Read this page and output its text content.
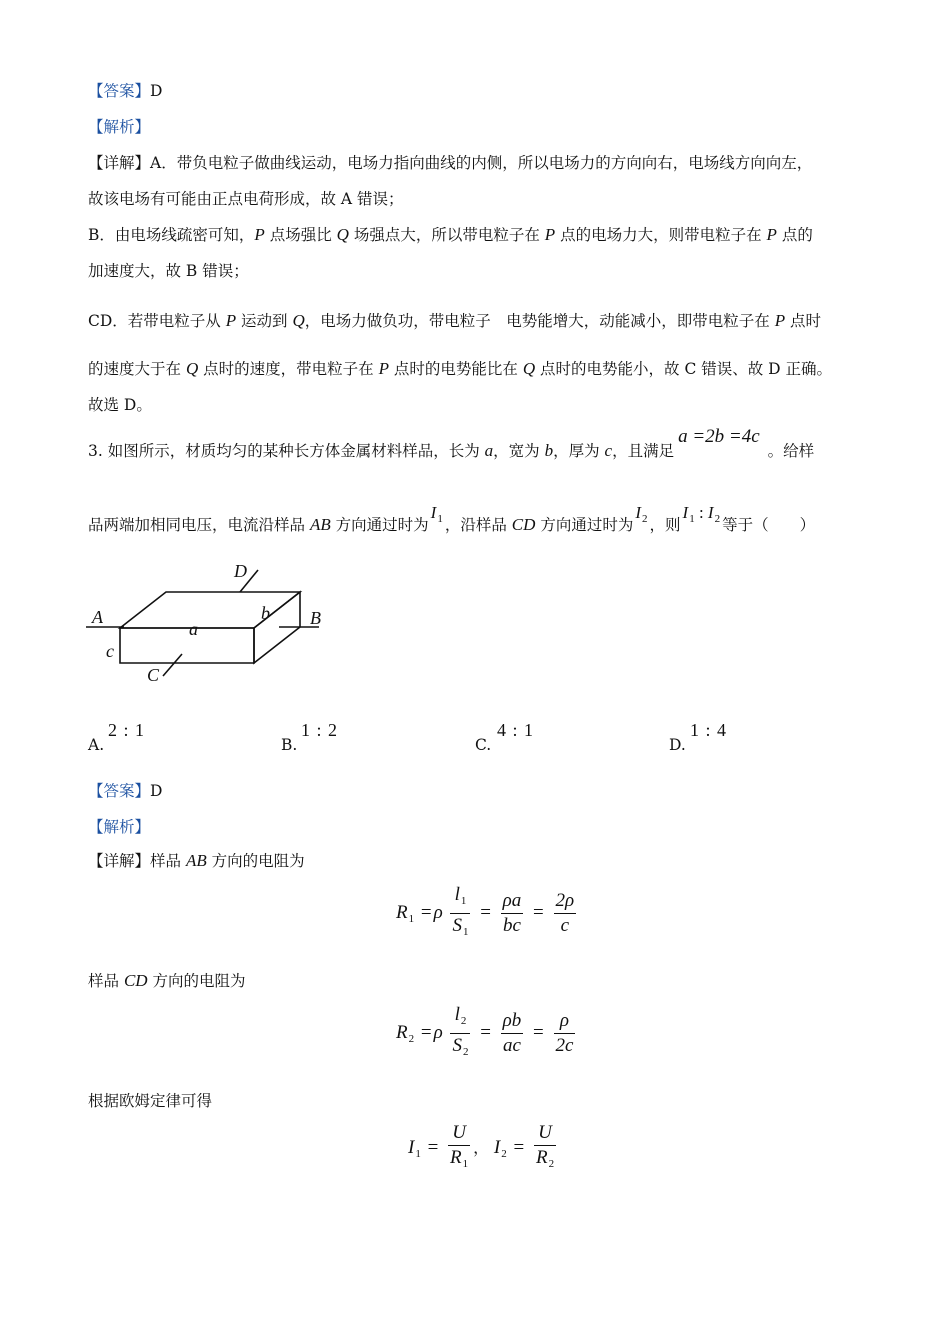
【答案】D
【解析】
【详解】A．带负电粒子做曲线运动，电场力指向曲线的内侧，所以电场力的方向向右，电场线方向向左，
故该电场有可能由正点电荷形成，故 A 错误；
B．由电场线疏密可知，P 点场强比 Q 场强点大，所以带电粒子在 P 点的电场力大，则带电粒子在 P 点的
加速度大，故 B 错误；
CD．若带电粒子从 P 运动到 Q，电场力做负功，带电粒子　电势能增大，动能减小，即带电粒子在 P 点时
的速度大于在 Q 点时的速度，带电粒子在 P 点时的电势能比在 Q 点时的电势能小，故 C 错误、故 D 正确。
故选 D。
3. 如图所示，材质均匀的某种长方体金属材料样品，长为 a，宽为 b，厚为 c，且满足a =2b =4c。给样
品两端加相同电压，电流沿样品 AB 方向通过时为$I_1$ ，沿样品 CD 方向通过时为$I_2$ ，则$I_1$ : $I_2$ 等于（　　）
A	B
D
C
a
b
c
A.
2 : 1
B.
1 : 2
C.
4 : 1
D.
1 : 4
【答案】D
【解析】
【详解】样品 AB 方向的电阻为
$R_1 = \rho \frac{l_1}{S_1} = \frac{\rho a}{bc} = \frac{2\rho}{c}$
样品 CD 方向的电阻为
$R_2 = \rho \frac{l_2}{S_2} = \frac{\rho b}{ac} = \frac{\rho}{2c}$
根据欧姆定律可得
$I_1 = \frac{U}{R_1}$ ， $I_2 = \frac{U}{R_2}$
